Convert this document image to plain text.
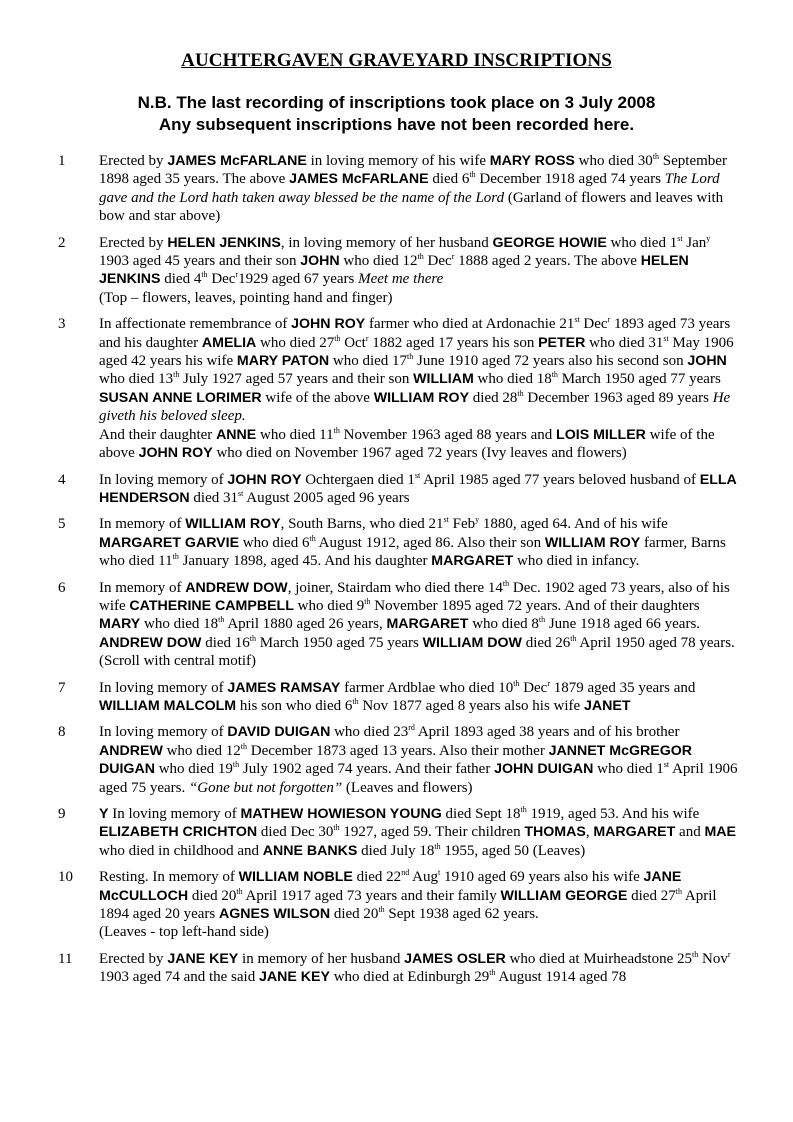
AUCHTERGAVEN GRAVEYARD INSCRIPTIONS
N.B. The last recording of inscriptions took place on 3 July 2008
Any subsequent inscriptions have not been recorded here.
1 Erected by JAMES McFARLANE in loving memory of his wife MARY ROSS who died 30th September 1898 aged 35 years. The above JAMES McFARLANE died 6th December 1918 aged 74 years The Lord gave and the Lord hath taken away blessed be the name of the Lord (Garland of flowers and leaves with bow and star above)
2 Erected by HELEN JENKINS, in loving memory of her husband GEORGE HOWIE who died 1st Jan$^y$ 1903 aged 45 years and their son JOHN who died 12th Dec$^r$ 1888 aged 2 years. The above HELEN JENKINS died 4th Dec$^r$1929 aged 67 years Meet me there
(Top – flowers, leaves, pointing hand and finger)
3 In affectionate remembrance of JOHN ROY farmer who died at Ardonachie 21st Dec$^r$ 1893 aged 73 years and his daughter AMELIA who died 27th Oct$^r$ 1882 aged 17 years his son PETER who died 31st May 1906 aged 42 years his wife MARY PATON who died 17th June 1910 aged 72 years also his second son JOHN who died 13th July 1927 aged 57 years and their son WILLIAM who died 18th March 1950 aged 77 years SUSAN ANNE LORIMER wife of the above WILLIAM ROY died 28th December 1963 aged 89 years He giveth his beloved sleep.
And their daughter ANNE who died 11th November 1963 aged 88 years and LOIS MILLER wife of the above JOHN ROY who died on November 1967 aged 72 years (Ivy leaves and flowers)
4 In loving memory of JOHN ROY Ochtergaen died 1st April 1985 aged 77 years beloved husband of ELLA HENDERSON died 31st August 2005 aged 96 years
5 In memory of WILLIAM ROY, South Barns, who died 21st Feb$^y$ 1880, aged 64. And of his wife MARGARET GARVIE who died 6th August 1912, aged 86. Also their son WILLIAM ROY farmer, Barns who died 11th January 1898, aged 45. And his daughter MARGARET who died in infancy.
6 In memory of ANDREW DOW, joiner, Stairdam who died there 14th Dec. 1902 aged 73 years, also of his wife CATHERINE CAMPBELL who died 9th November 1895 aged 72 years. And of their daughters MARY who died 18th April 1880 aged 26 years, MARGARET who died 8th June 1918 aged 66 years. ANDREW DOW died 16th March 1950 aged 75 years WILLIAM DOW died 26th April 1950 aged 78 years. (Scroll with central motif)
7 In loving memory of JAMES RAMSAY farmer Ardblae who died 10th Dec$^r$ 1879 aged 35 years and WILLIAM MALCOLM his son who died 6th Nov 1877 aged 8 years also his wife JANET
8 In loving memory of DAVID DUIGAN who died 23rd April 1893 aged 38 years and of his brother ANDREW who died 12th December 1873 aged 13 years. Also their mother JANNET McGREGOR DUIGAN who died 19th July 1902 aged 74 years. And their father JOHN DUIGAN who died 1st April 1906 aged 75 years. “Gone but not forgotten” (Leaves and flowers)
9 Y In loving memory of MATHEW HOWIESON YOUNG died Sept 18th 1919, aged 53. And his wife ELIZABETH CRICHTON died Dec 30th 1927, aged 59. Their children THOMAS, MARGARET and MAE who died in childhood and ANNE BANKS died July 18th 1955, aged 50 (Leaves)
10 Resting. In memory of WILLIAM NOBLE died 22nd Aug$^t$ 1910 aged 69 years also his wife JANE McCULLOCH died 20th April 1917 aged 73 years and their family WILLIAM GEORGE died 27th April 1894 aged 20 years AGNES WILSON died 20th Sept 1938 aged 62 years.
(Leaves - top left-hand side)
11 Erected by JANE KEY in memory of her husband JAMES OSLER who died at Muirheadstone 25th Nov$^r$ 1903 aged 74 and the said JANE KEY who died at Edinburgh 29th August 1914 aged 78
